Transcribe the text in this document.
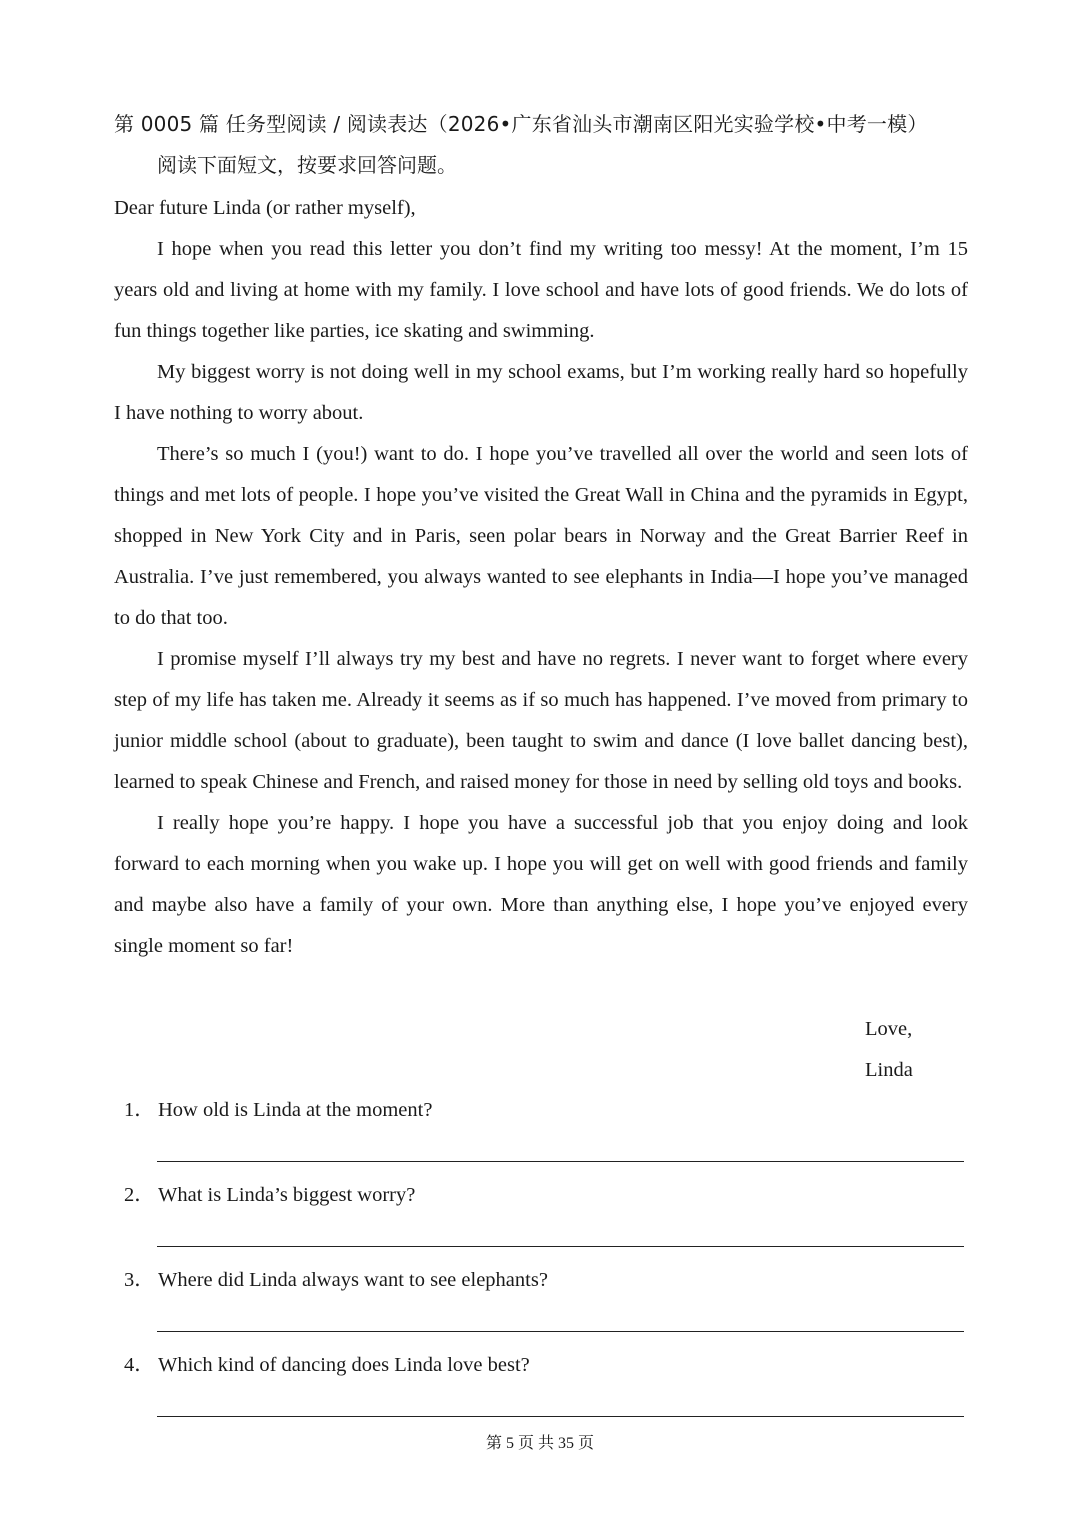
第 0005 篇 任务型阅读 / 阅读表达（2026•广东省汕头市潮南区阳光实验学校•中考一模）
阅读下面短文，按要求回答问题。

Dear future Linda (or rather myself),

I hope when you read this letter you don’t find my writing too messy! At the moment, I’m 15 years old and living at home with my family. I love school and have lots of good friends. We do lots of fun things together like parties, ice skating and swimming.

My biggest worry is not doing well in my school exams, but I’m working really hard so hopefully I have nothing to worry about.

There’s so much I (you!) want to do. I hope you’ve travelled all over the world and seen lots of things and met lots of people. I hope you’ve visited the Great Wall in China and the pyramids in Egypt, shopped in New York City and in Paris, seen polar bears in Norway and the Great Barrier Reef in Australia. I’ve just remembered, you always wanted to see elephants in India—I hope you’ve managed to do that too.

I promise myself I’ll always try my best and have no regrets. I never want to forget where every step of my life has taken me. Already it seems as if so much has happened. I’ve moved from primary to junior middle school (about to graduate), been taught to swim and dance (I love ballet dancing best), learned to speak Chinese and French, and raised money for those in need by selling old toys and books.

I really hope you’re happy. I hope you have a successful job that you enjoy doing and look forward to each morning when you wake up. I hope you will get on well with good friends and family and maybe also have a family of your own. More than anything else, I hope you’ve enjoyed every single moment so far!

Love,
Linda
1． How old is Linda at the moment?
2． What is Linda’s biggest worry?
3． Where did Linda always want to see elephants?
4． Which kind of dancing does Linda love best?
第 5 页 共 35 页
